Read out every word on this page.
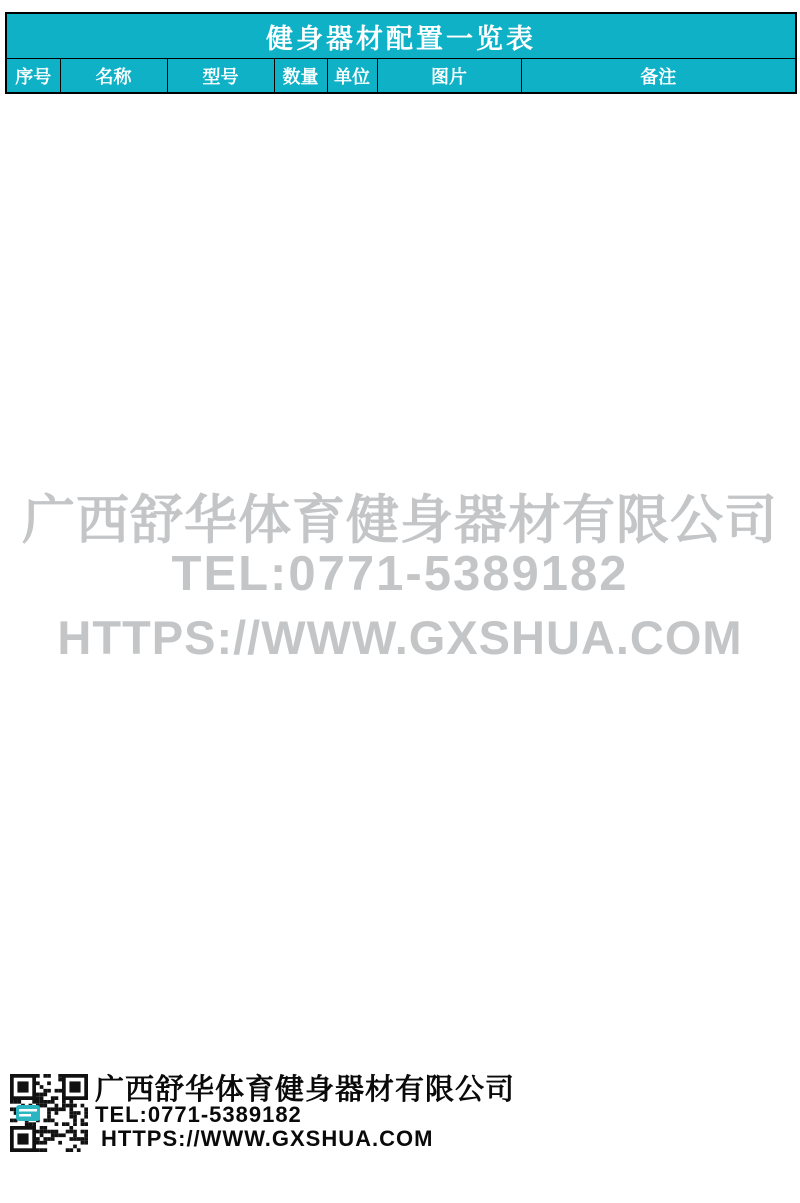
健身器材配置一览表
序号	名称	型号	数量	单位	图片	备注
广西舒华体育健身器材有限公司
TEL:0771-5389182
HTTPS://WWW.GXSHUA.COM
广西舒华体育健身器材有限公司
TEL:0771-5389182
HTTPS://WWW.GXSHUA.COM
